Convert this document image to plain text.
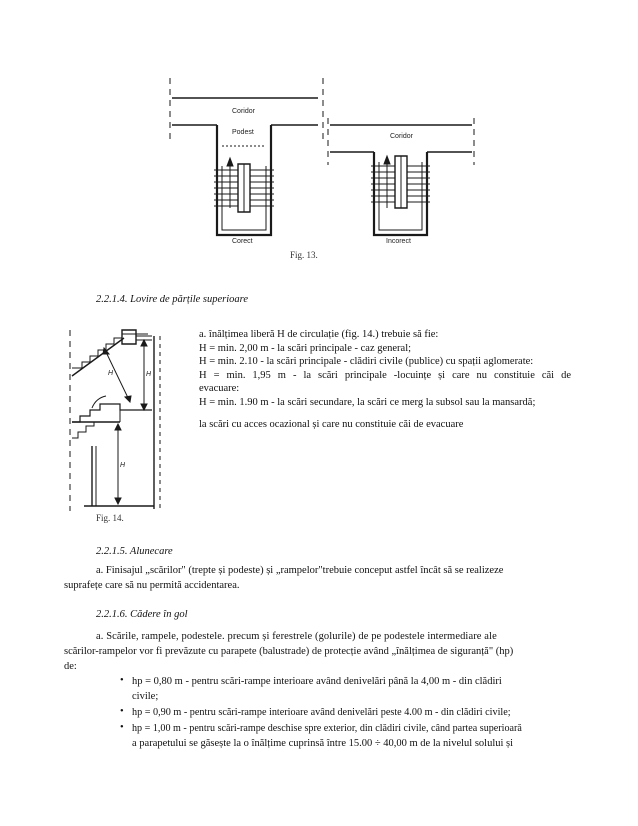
Coridor
Podest
Corect
Coridor
Incorect
Fig. 13.
2.2.1.4. Lovire de părțile superioare
H	H
H
Fig. 14.
a. înălțimea liberă H de circulație (fig. 14.) trebuie să fie:
H = min. 2,00 m - la scări principale - caz general;
H = min. 2.10 - la scări principale - clădiri civile (publice) cu spații aglomerate:
H = min. 1,95 m - la scări principale -locuințe și care nu constituie căi de
evacuare:
H = min. 1.90 m - la scări secundare, la scări ce merg la subsol sau la mansardă;
la scări cu acces ocazional și care nu constituie căi de evacuare
2.2.1.5. Alunecare
a. Finisajul „scărilor" (trepte și podeste) și „rampelor"trebuie conceput astfel încât să se realizeze
suprafețe care să nu permită accidentarea.
2.2.1.6. Cădere în gol
a. Scările, rampele, podestele. precum și ferestrele (golurile) de pe podestele intermediare ale
scărilor-rampelor vor fi prevăzute cu parapete (balustrade) de protecție având „înălțimea de siguranță" (hp)
de:
• hp = 0,80 m - pentru scări-rampe interioare având denivelări până la 4,00 m - din clădiri
civile;
• hp = 0,90 m - pentru scări-rampe interioare având denivelări peste 4.00 m - din clădiri civile;
• hp = 1,00 m - pentru scări-rampe deschise spre exterior, din clădiri civile, când partea superioară
a parapetului se găsește la o înălțime cuprinsă între 15.00 ÷ 40,00 m de la nivelul solului și
